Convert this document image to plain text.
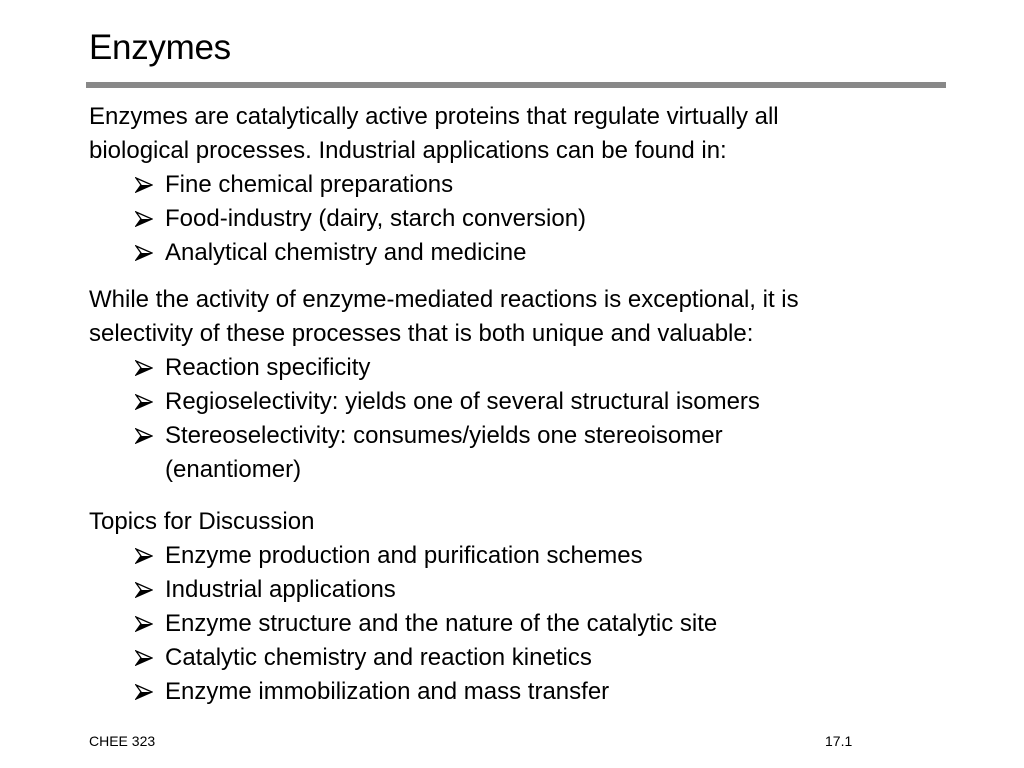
Enzymes
Enzymes are catalytically active proteins that regulate virtually all
biological processes. Industrial applications can be found in:
Fine chemical preparations
Food-industry (dairy, starch conversion)
Analytical chemistry and medicine
While the activity of enzyme-mediated reactions is exceptional, it is
selectivity of these processes that is both unique and valuable:
Reaction specificity
Regioselectivity: yields one of several structural isomers
Stereoselectivity: consumes/yields one stereoisomer (enantiomer)
Topics for Discussion
Enzyme production and purification schemes
Industrial applications
Enzyme structure and the nature of the catalytic site
Catalytic chemistry and reaction kinetics
Enzyme immobilization and mass transfer
CHEE 323	17.1
